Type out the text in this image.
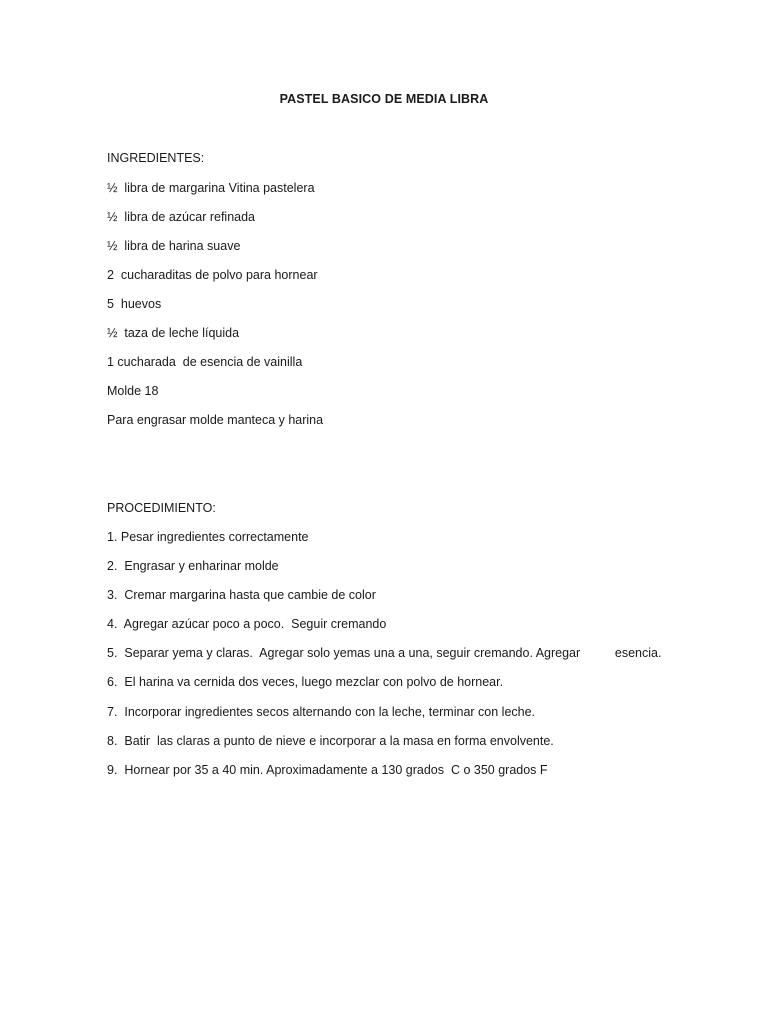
PASTEL BASICO DE MEDIA LIBRA
INGREDIENTES:
½  libra de margarina Vitina pastelera
½  libra de azúcar refinada
½  libra de harina suave
2  cucharaditas de polvo para hornear
5  huevos
½  taza de leche líquida
1 cucharada  de esencia de vainilla
Molde 18
Para engrasar molde manteca y harina
PROCEDIMIENTO:
1. Pesar ingredientes correctamente
2.  Engrasar y enharinar molde
3.  Cremar margarina hasta que cambie de color
4.  Agregar azúcar poco a poco.  Seguir cremando
5.  Separar yema y claras.  Agregar solo yemas una a una, seguir cremando. Agregar          esencia.
6.  El harina va cernida dos veces, luego mezclar con polvo de hornear.
7.  Incorporar ingredientes secos alternando con la leche, terminar con leche.
8.  Batir  las claras a punto de nieve e incorporar a la masa en forma envolvente.
9.  Hornear por 35 a 40 min. Aproximadamente a 130 grados  C o 350 grados F
